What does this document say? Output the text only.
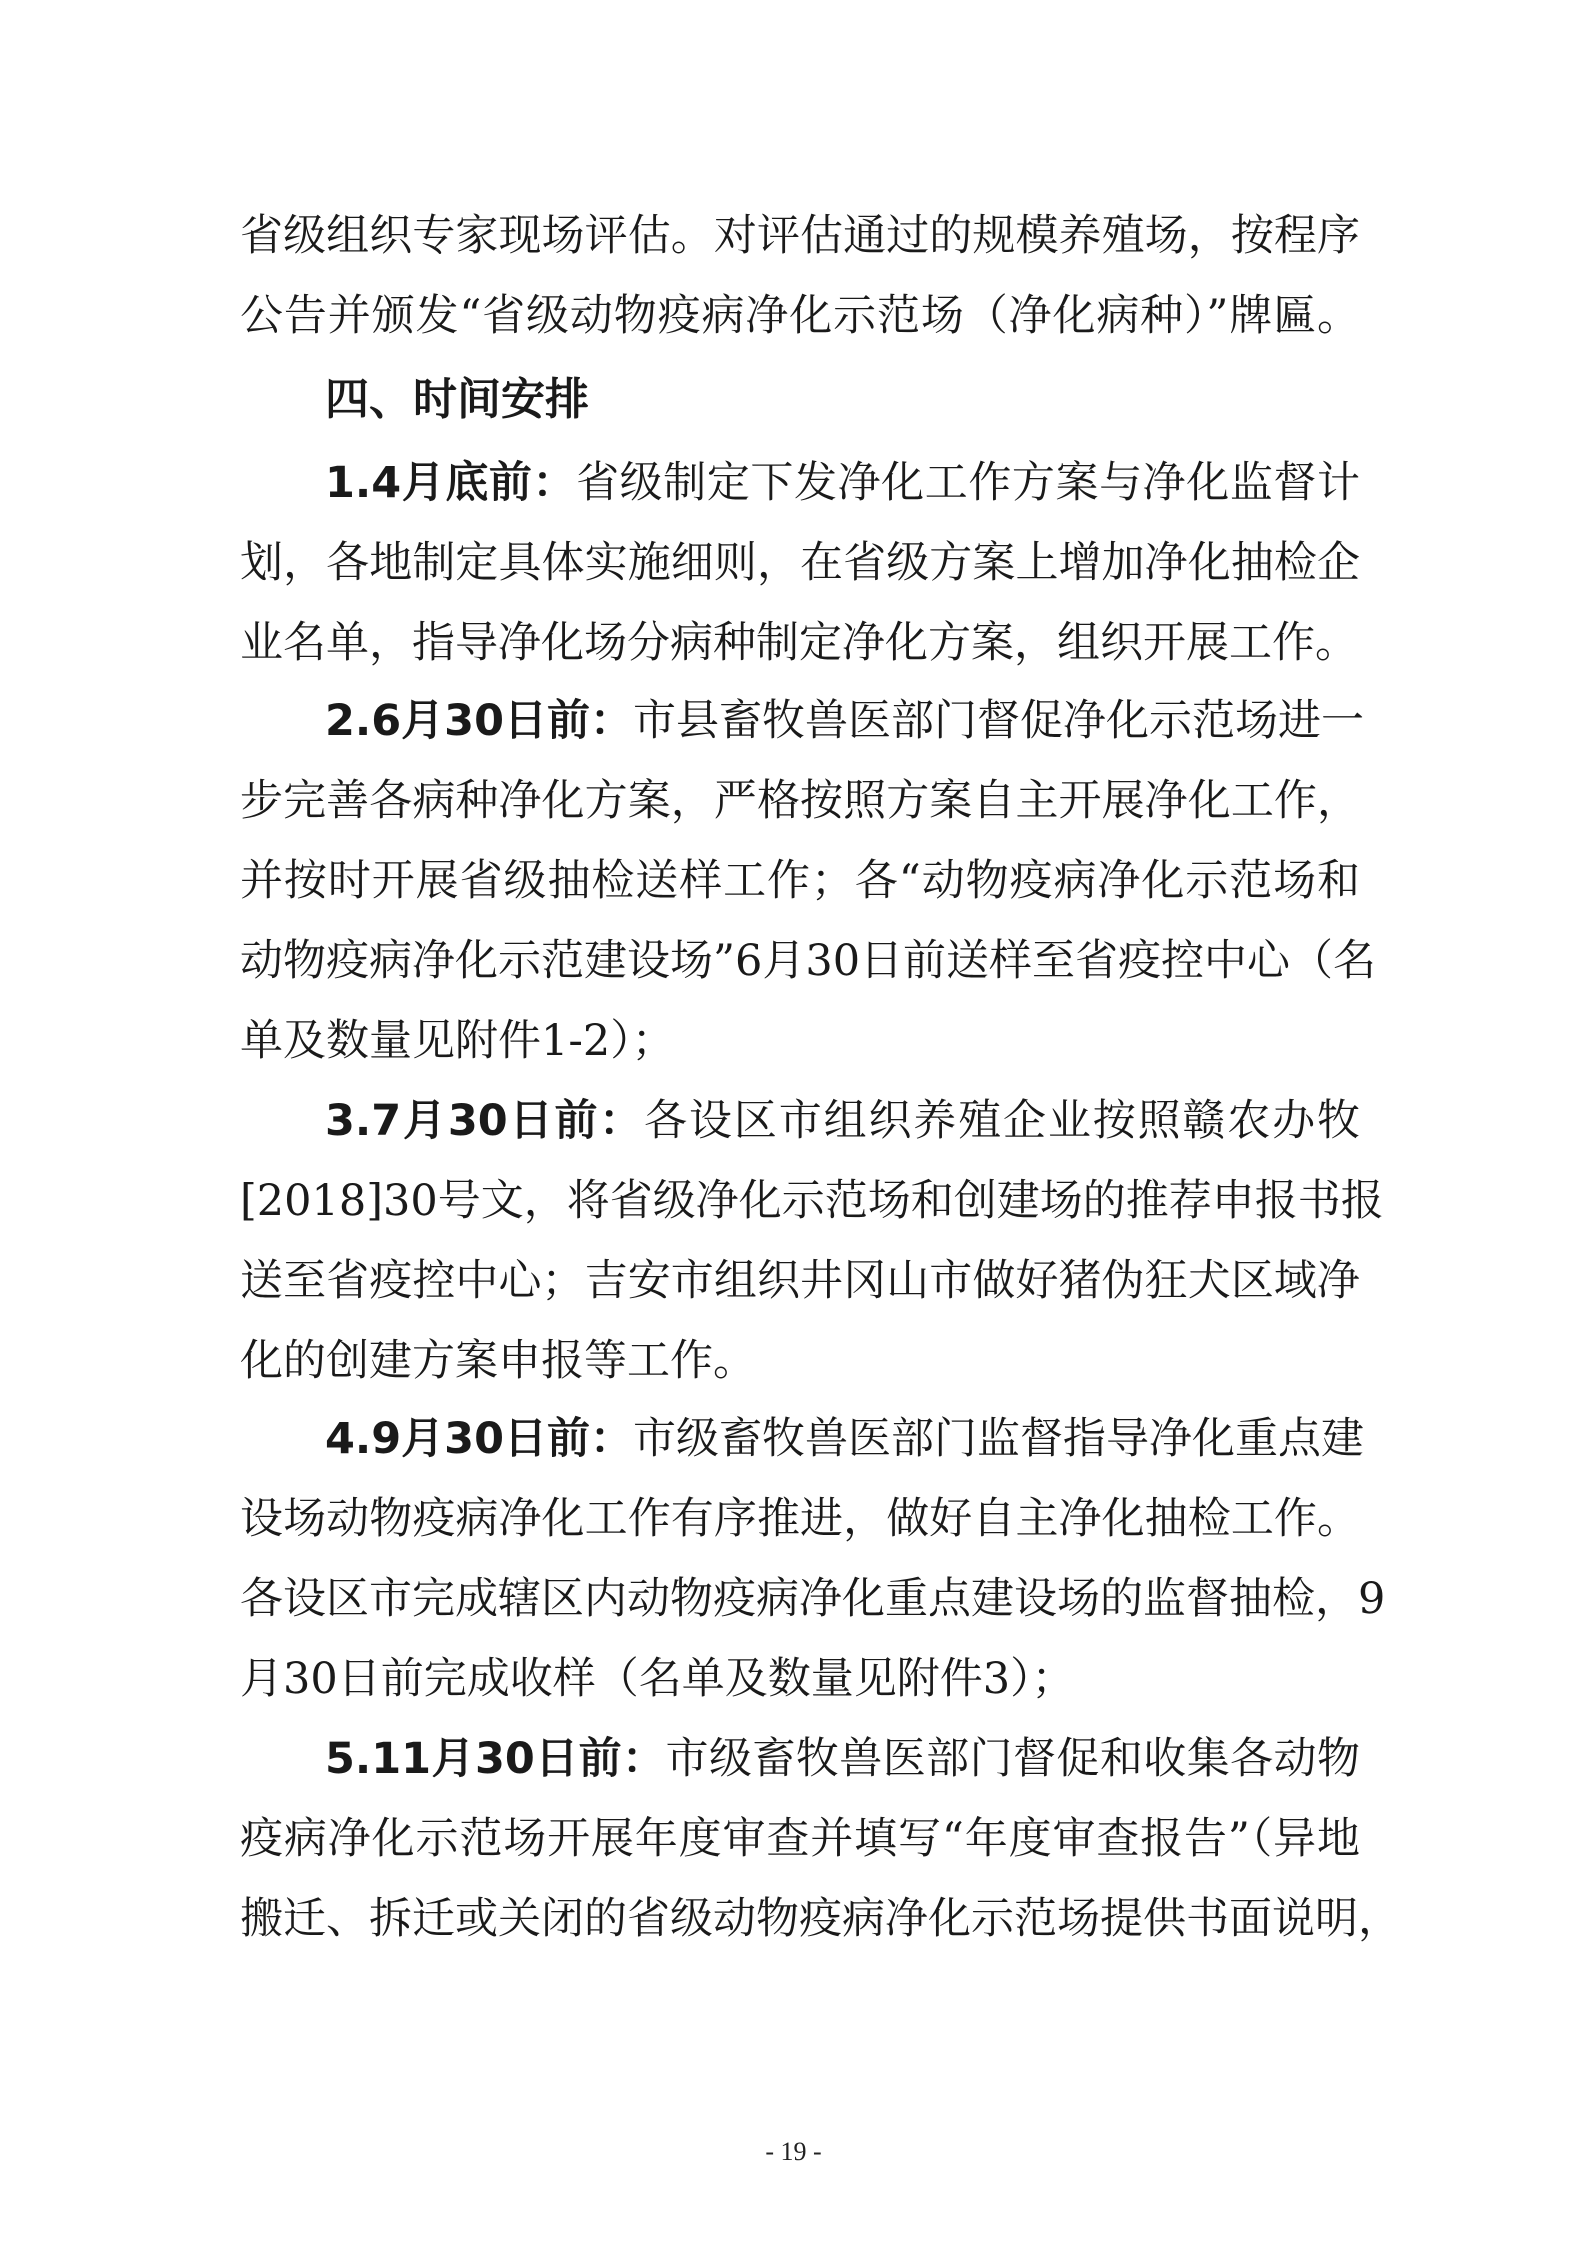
省级组织专家现场评估。对评估通过的规模养殖场，按程序
公告并颁发“省级动物疫病净化示范场（净化病种）”牌匾。
四、时间安排
1.4月底前：省级制定下发净化工作方案与净化监督计
划，各地制定具体实施细则，在省级方案上增加净化抽检企
业名单，指导净化场分病种制定净化方案，组织开展工作。
2.6月30日前：市县畜牧兽医部门督促净化示范场进一
步完善各病种净化方案，严格按照方案自主开展净化工作，
并按时开展省级抽检送样工作；各“动物疫病净化示范场和
动物疫病净化示范建设场”6月30日前送样至省疫控中心（名
单及数量见附件1-2）；
3.7月30日前：各设区市组织养殖企业按照赣农办牧
[2018]30号文，将省级净化示范场和创建场的推荐申报书报
送至省疫控中心；吉安市组织井冈山市做好猪伪狂犬区域净
化的创建方案申报等工作。
4.9月30日前：市级畜牧兽医部门监督指导净化重点建
设场动物疫病净化工作有序推进，做好自主净化抽检工作。
各设区市完成辖区内动物疫病净化重点建设场的监督抽检，9
月30日前完成收样（名单及数量见附件3）；
5.11月30日前：市级畜牧兽医部门督促和收集各动物
疫病净化示范场开展年度审查并填写“年度审查报告”（异地
搬迁、拆迁或关闭的省级动物疫病净化示范场提供书面说明，
- 19 -
